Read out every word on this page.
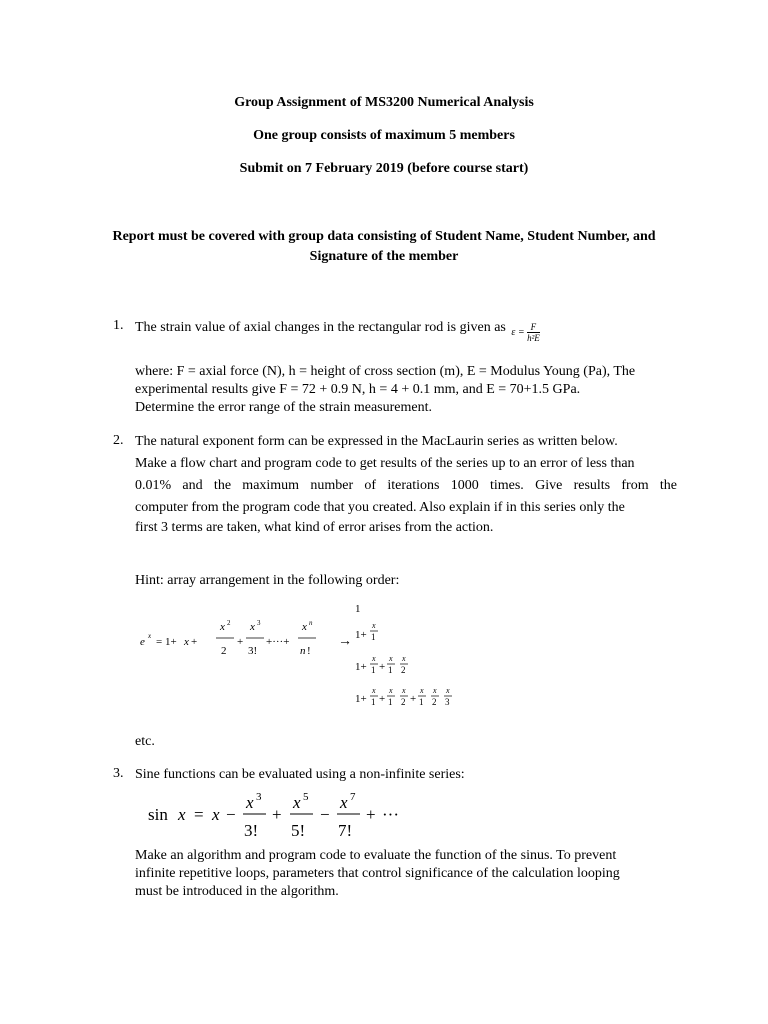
Group Assignment of MS3200 Numerical Analysis
One group consists of maximum 5 members
Submit on 7 February 2019 (before course start)
Report must be covered with group data consisting of Student Name, Student Number, and
Signature of the member
1. The strain value of axial changes in the rectangular rod is given as $_{\varepsilon = \frac{F}{\text{h²E}}}$
where: F = axial force (N), h = height of cross section (m), E = Modulus Young (Pa), The
experimental results give F = 72 + 0.9 N, h = 4 + 0.1 mm, and E = 70+1.5 GPa.
Determine the error range of the strain measurement.
2. The natural exponent form can be expressed in the MacLaurin series as written below.
Make a flow chart and program code to get results of the series up to an error of less than
0.01% and the maximum number of iterations 1000 times. Give results from the
computer from the program code that you created. Also explain if in this series only the
first 3 terms are taken, what kind of error arises from the action.
Hint: array arrangement in the following order:
e x = 1+ x +
x 2
2
+
x 3
3!
+···+
x n
n !
→
1
1+
x
1
1+
x
1 +
x
1
x
2
1+
x
1 +
x
1
x
2 +
x
1
x
2
x
3
etc.
3. Sine functions can be evaluated using a non-infinite series:
sin x = x −
x 3
3!
+
x 5
5!
−
x 7
7!
+ ···
Make an algorithm and program code to evaluate the function of the sinus. To prevent
infinite repetitive loops, parameters that control significance of the calculation looping
must be introduced in the algorithm.
